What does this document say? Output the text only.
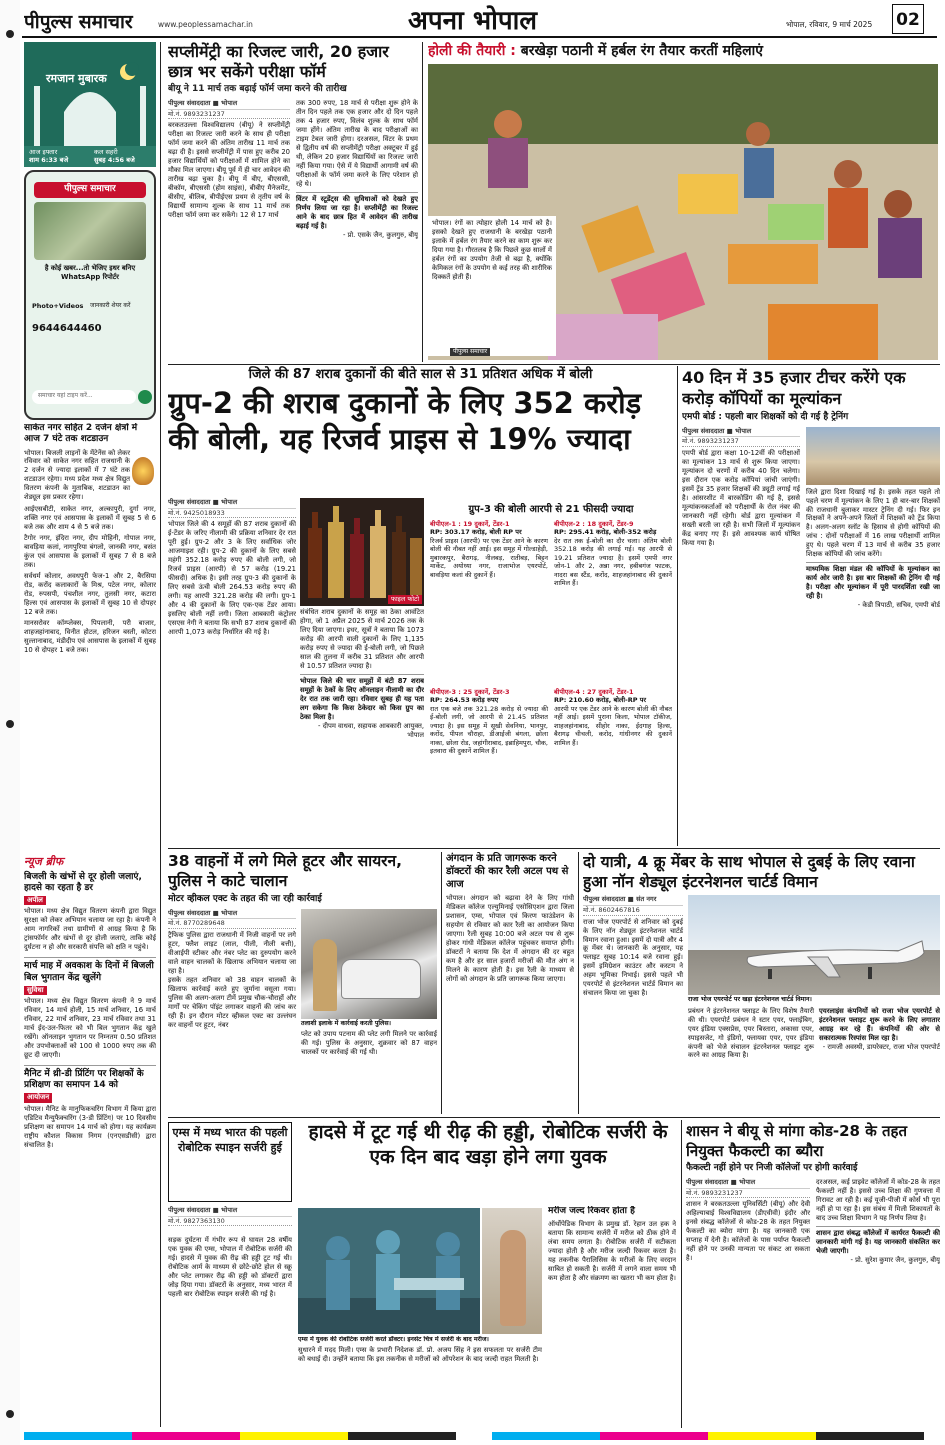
पीपुल्स समाचार	www.peoplessamachar.in	अपना भोपाल	भोपाल, रविवार, 9 मार्च 2025 02
रमजान मुबारक
आज इफ्तार
शाम 6:33 बजे
कल सहरी
सुबह 4:56 बजे
पीपुल्स समाचार
है कोई खबर...तो भेजिए इधर बनिए WhatsApp रिपोर्टर
Photo+Videos जानकारी शेयर करें
9644644460
समाचार यहां टाइप करें...
साकेत नगर सहित 2 दर्जन क्षेत्रों में आज 7 घंटे तक शटडाउन
भोपाल। बिजली लाइनों के मेंटेनेंस को लेकर रविवार को साकेत नगर सहित राजधानी के 2 दर्जन से ज्यादा इलाकों में 7 घंटे तक शटडाउन रहेगा। मध्य प्रदेश मध्य क्षेत्र विद्युत वितरण कंपनी के मुताबिक, शटडाउन का शेड्यूल इस प्रकार रहेगा।
आईएसबीटी, साकेत नगर, अल्कापुरी, दुर्गा नगर, शक्ति नगर एवं आसपास के इलाकों में सुबह 5 से 6 बजे तक और शाम 4 से 5 बजे तक।
टैगोर नगर, इंदिरा नगर, दीप मोहिनी, गोपाल नगर, बावड़िया कलां, नागपुरिया बंगलो, जानकी नगर, बसंत कुंज एवं आसपास के इलाकों में सुबह 7 से 8 बजे तक।
सर्वधर्म कोलार, अवधपुरी फेज-1 और 2, बैरसिया रोड, करोंद कलाकारों के मिश्र, पटेल नगर, कोलार रोड, रुपसपी, पंचशील नगर, तुलसी नगर, कटारा हिल्स एवं आसपास के इलाकों में सुबह 10 से दोपहर 12 बजे तक।
मानसरोवर कॉम्प्लेक्स, पिपलानी, परी बाजार, शाहजहांनाबाद, विनीत होटल, हरिजन बस्ती, कोटरा सुल्तानाबाद, मंडीदीप एवं आसपास के इलाकों में सुबह 10 से दोपहर 1 बजे तक।
न्यूज ब्रीफ
बिजली के खंभों से दूर होली जलाएं, हादसे का रहता है डर
अपील
भोपाल। मध्य क्षेत्र विद्युत वितरण कंपनी द्वारा विद्युत सुरक्षा को लेकर अभियान चलाया जा रहा है। कंपनी ने आम नागरिकों तथा ग्रामीणों से आग्रह किया है कि ट्रांसफॉर्मर और खंभों से दूर होली जलाएं, ताकि कोई दुर्घटना न हो और सरकारी संपत्ति को क्षति न पहुंचे।
मार्च माह में अवकाश के दिनों में बिजली बिल भुगतान केंद्र खुलेंगे
सुविधा
भोपाल। मध्य क्षेत्र विद्युत वितरण कंपनी ने 9 मार्च रविवार, 14 मार्च होली, 15 मार्च शनिवार, 16 मार्च रविवार, 22 मार्च शनिवार, 23 मार्च रविवार तथा 31 मार्च ईद-उल-फितर को भी बिल भुगतान केंद्र खुले रखेंगे। ऑनलाइन भुगतान पर निम्नतम 0.50 प्रतिशत और उपभोक्ताओं को 100 से 1000 रुपए तक की छूट दी जाएगी।
मैनिट में थ्री-डी प्रिंटिंग पर शिक्षकों के प्रशिक्षण का समापन 14 को
आयोजन
भोपाल। मैनिट के मानुफिकचरिंग विभाग में किया द्वारा एडिटिव मैन्युफैक्चरिंग (3-डी प्रिंटिंग) पर 10 दिवसीय प्रशिक्षण का समापन 14 मार्च को होगा। यह कार्यक्रम राष्ट्रीय कौशल विकास निगम (एनएसडीसी) द्वारा संचालित है।
सप्लीमेंट्री का रिजल्ट जारी, 20 हजार छात्र भर सकेंगे परीक्षा फॉर्म
बीयू ने 11 मार्च तक बढ़ाई फॉर्म जमा करने की तारीख
पीपुल्स संवाददाता ■ भोपाल
मो.नं. 9893231237
बरकतउल्ला विश्वविद्यालय (बीयू) ने सप्लीमेंट्री परीक्षा का रिजल्ट जारी करने के साथ ही परीक्षा फॉर्म जमा करने की अंतिम तारीख 11 मार्च तक बढ़ा दी है। इससे सप्लीमेंट्री में पास हुए करीब 20 हजार विद्यार्थियों को परीक्षाओं में शामिल होने का मौका मिल जाएगा। बीयू पूर्व में ही चार आवेदन की तारीख बढ़ा चुका है। बीयू में बीए, बीएससी, बीकॉम, बीएससी (होम साइंस), बीबीए मैनेजमेंट, बीसीए, बीलिब, बीपीईएस प्रथम से तृतीय वर्ष के विद्यार्थी सामान्य शुल्क के साथ 11 मार्च तक परीक्षा फॉर्म जमा कर सकेंगे। 12 से 17 मार्च
तक 300 रुपए, 18 मार्च से परीक्षा शुरू होने के तीन दिन पहले तक एक हजार और दो दिन पहले तक 4 हजार रुपए, विलंब शुल्क के साथ फॉर्म जमा होंगे। अंतिम तारीख के बाद परीक्षाओं का टाइम टेबल जारी होगा। दरअसल, विंटर के प्रथम से द्वितीय वर्ष की सप्लीमेंट्री परीक्षा अक्टूबर में हुई थी, लेकिन 20 हजार विद्यार्थियों का रिजल्ट जारी नहीं किया गया। ऐसे में ये विद्यार्थी आगामी वर्ष की परीक्षाओं के फॉर्म जमा करने के लिए परेशान हो रहे थे।
विंटर में स्टूडेंट्स की सुविधाओं को देखते हुए निर्णय लिया जा रहा है। सप्लीमेंट्री का रिजल्ट आने के बाद छात्र हित में आवेदन की तारीख बढ़ाई गई है।
- प्रो. एसके जैन, कुलगुरु, बीयू
होली की तैयारी : बरखेड़ा पठानी में हर्बल रंग तैयार करतीं महिलाएं
भोपाल। रंगों का त्योहार होली 14 मार्च को है। इसको देखते हुए राजधानी के बरखेड़ा पठानी इलाके में हर्बल रंग तैयार करने का काम शुरू कर दिया गया है। गौरतलब है कि पिछले कुछ सालों में हर्बल रंगों का उपयोग तेजी से बढ़ा है, क्योंकि केमिकल रंगों के उपयोग से कई तरह की शारीरिक दिक्कतें होती हैं।
पीपुल्स समाचार
जिले की 87 शराब दुकानों की बीते साल से 31 प्रतिशत अधिक में बोली
ग्रुप-2 की शराब दुकानों के लिए 352 करोड़ की बोली, यह रिजर्व प्राइस से 19% ज्यादा
पीपुल्स संवाददाता ■ भोपाल
मो.नं. 9425018933
भोपाल जिले की 4 समूहों की 87 शराब दुकानों की ई-टेंडर के जरिए नीलामी की प्रक्रिया शनिवार देर रात पूरी हुई। ग्रुप-2 और 3 के लिए सर्वाधिक जोर आजमाइश रही। ग्रुप-2 की दुकानों के लिए सबसे महंगी 352.18 करोड़ रुपए की बोली लगी, जो रिजर्व प्राइस (आरपी) से 57 करोड़ (19.21 फीसदी) अधिक है। इसी तरह ग्रुप-3 की दुकानों के लिए सबसे ऊंची बोली 264.53 करोड़ रुपए की लगी। यह आरपी 321.28 करोड़ की लगी। ग्रुप-1 और 4 की दुकानों के लिए एक-एक टेंडर आया। इसलिए बोली नहीं लगी। जिला आबकारी कंट्रोलर एसएस नेगी ने बताया कि सभी 87 शराब दुकानों की आरपी 1,073 करोड़ निर्धारित की गई है।
फाइल फोटो
संबंधित शराब दुकानों के समूह का ठेका आवंटित होगा, जो 1 अप्रैल 2025 से मार्च 2026 तक के लिए दिया जाएगा। इधर, सूत्रों ने बताया कि 1073 करोड़ की आरपी वाली दुकानों के लिए 1,135 करोड़ रुपए से ज्यादा की ई-बोली लगी, जो पिछले साल की तुलना में करीब 31 प्रतिशत और आरपी से 10.57 प्रतिशत ज्यादा है।
भोपाल जिले की चार समूहों में बंटी 87 शराब समूहों के ठेकों के लिए ऑनलाइन नीलामी का दौर देर रात तक जारी रहा। रविवार सुबह ही यह पता लग सकेगा कि किस ठेकेदार को किस ग्रुप का ठेका मिला है।
- दीपम वाधवा, सहायक आबकारी आयुक्त, भोपाल
ग्रुप-3 की बोली आरपी से 21 फीसदी ज्यादा
बीपीएल-1 : 19 दुकानें, टेंडर-1
RP: 303.17 करोड़, बोली RP पर
रिजर्व प्राइस (आरपी) पर एक टेंडर आने के कारण बोली की नौबत नहीं आई। इस समूह में गोल्डाहेड़ी, मुबारकपुर, बैरागढ़, नीलबड़, रातीबड़, बिट्टन मार्केट, अयोध्या नगर, राजाभोज एयरपोर्ट, बावड़िया कलां की दुकानें हैं।
बीपीएल-2 : 18 दुकानें, टेंडर-9
RP: 295.41 करोड़, बोली-352 करोड़
देर रात तक ई-बोली का दौर चला। अंतिम बोली 352.18 करोड़ की लगाई गई। यह आरपी से 19.21 प्रतिशत ज्यादा है। इसमें एमपी नगर जोन-1 और 2, अन्ना नगर, हबीबगंज फाटक, नादरा बस स्टैंड, करोंद, शाहजहांनाबाद की दुकानें शामिल हैं।
बीपीएल-3 : 25 दुकानें, टेंडर-3
RP: 264.53 करोड़ रुपए
रात एक बजे तक 321.28 करोड़ से ज्यादा की ई-बोली लगी, जो आरपी से 21.45 प्रतिशत ज्यादा है। इस समूह में सूखी सेवनिया, भानपुर, करोंद, पीपल चौराहा, डीआईजी बंगला, छोला नाका, छोला रोड, जहांगीराबाद, इब्राहिमपुरा, चौक, इतवारा की दुकानें शामिल हैं।
बीपीएल-4 : 27 दुकानें, टेंडर-1
RP: 210.60 करोड़, बोली-RP पर
आरपी पर एक टेंडर आने के कारण बोली की नौबत नहीं आई। इसमें पुराना किला, भोपाल टॉकीज, शाहजहांनाबाद, सीहोर नाका, ईदगाह हिल्स, बैरागढ़ चीचली, करोद, गांधीनगर की दुकानें शामिल हैं।
40 दिन में 35 हजार टीचर करेंगे एक करोड़ कॉपियों का मूल्यांकन
एमपी बोर्ड : पहली बार शिक्षकों को दी गई है ट्रेनिंग
पीपुल्स संवाददाता ■ भोपाल
मो.नं. 9893231237
एमपी बोर्ड द्वारा कक्षा 10-12वीं की परीक्षाओं का मूल्यांकन 13 मार्च से शुरू किया जाएगा। मूल्यांकन दो चरणों में करीब 40 दिन चलेगा। इस दौरान एक करोड़ कॉपियां जांची जाएंगी। इसमें ट्रेंड 35 हजार शिक्षकों की ड्यूटी लगाई गई है। आंसरशीट में बारकोडिंग की गई है, इससे मूल्यांकनकर्ताओं को परीक्षार्थी के रोल नंबर की जानकारी नहीं रहेगी। बोर्ड द्वारा मूल्यांकन में सख्ती बरती जा रही है। सभी जिलों में मूल्यांकन केंद्र बनाए गए हैं। इसे आवश्यक कार्य घोषित किया गया है।
जिले द्वारा दिशा दिखाई गई है। इसके तहत पहले तो पहले चरण में मूल्यांकन के लिए 1 ही बार-बार शिक्षकों की राजधानी बुलाकर मास्टर ट्रेनिंग दी गई। फिर इन शिक्षकों ने अपने-अपने जिलों में शिक्षकों को ट्रेंड किया है। अलग-अलग स्लॉट के हिसाब से होगी कॉपियों की जांच : दोनों परीक्षाओं में 16 लाख परीक्षार्थी शामिल हुए थे। पहले चरण में 13 मार्च से करीब 35 हजार शिक्षक कॉपियों की जांच करेंगे।
माध्यमिक शिक्षा मंडल की कॉपियों के मूल्यांकन का कार्य ओर जारी है। इस बार शिक्षकों की ट्रेनिंग दी गई है। परीक्षा और मूल्यांकन में पूरी पारदर्शिता रखी जा रही है।
- केडी त्रिपाठी, सचिव, एमपी बोर्ड
38 वाहनों में लगे मिले हूटर और सायरन, पुलिस ने काटे चालान
मोटर व्हीकल एक्ट के तहत की जा रही कार्रवाई
पीपुल्स संवाददाता ■ भोपाल
मो.नं. 8770289648
ट्रैफिक पुलिस द्वारा राजधानी में निजी वाहनों पर लगे हूटर, फ्लैश लाइट (लाल, पीली, नीली बत्ती), वीआईपी स्टीकर और नंबर प्लेट का दुरुपयोग करने वाले वाहन चालकों के खिलाफ अभियान चलाया जा रहा है।
इसके तहत शनिवार को 38 वाहन चालकों के खिलाफ कार्रवाई करते हुए जुर्माना वसूला गया। पुलिस की अलग-अलग टीमें प्रमुख चौक-चौराहों और मार्गों पर चेकिंग पॉइंट लगाकर वाहनों की जांच कर रही हैं। इन दौरान मोटर व्हीकल एक्ट का उल्लंघन कर वाहनों पर हूटर, नंबर	तलाशी इलाके में कार्रवाई करती पुलिस।
प्लेट को उपाय पटनाम की प्लेट लगी मिलने पर कार्रवाई की गई। पुलिस के अनुसार, शुक्रवार को 87 वाहन चालकों पर कार्रवाई की गई थी।
अंगदान के प्रति जागरूक करने डॉक्टरों की कार रैली अटल पथ से आज
भोपाल। अंगदान को बढ़ावा देने के लिए गांधी मेडिकल कॉलेज एल्युमिनाई एसोसिएशन द्वारा जिला प्रशासन, एम्स, भोपाल एवं किरण फाउंडेशन के सहयोग से रविवार को कार रैली का आयोजन किया जाएगा। रैली सुबह 10:00 बजे अटल पथ से शुरू होकर गांधी मेडिकल कॉलेज पहुंचकर समाप्त होगी। डॉक्टरों ने बताया कि देश में अंगदान की दर बहुत कम है और हर साल हजारों मरीजों की मौत अंग न मिलने के कारण होती है। इस रैली के माध्यम से लोगों को अंगदान के प्रति जागरूक किया जाएगा।
दो यात्री, 4 क्रू मेंबर के साथ भोपाल से दुबई के लिए रवाना हुआ नॉन शेड्यूल इंटरनेशनल चार्टर्ड विमान
पीपुल्स संवाददाता ■ संत नगर
मो.नं. 8602467816
राजा भोज एयरपोर्ट से शनिवार को दुबई के लिए नॉन शेड्यूल इंटरनेशनल चार्टर्ड विमान रवाना हुआ। इसमें दो यात्री और 4 क्रू मेंबर थे। जानकारी के अनुसार, यह फ्लाइट सुबह 10:14 बजे रवाना हुई। इसमें इमिग्रेशन काउंटर और कस्टम ने अहम भूमिका निभाई। इससे पहले भी एयरपोर्ट से इंटरनेशनल चार्टर्ड विमान का संचालन किया जा चुका है।
राजा भोज एयरपोर्ट पर खड़ा इंटरनेशनल चार्टर्ड विमान।
प्रबंधन ने इंटरनेशनल फ्लाइट के लिए विशेष तैयारी की थी। एयरपोर्ट प्रबंधन ने स्टार एयर, फ्लाईबिग, एयर इंडिया एक्सप्रेस, एयर बिस्तारा, अकासा एयर, स्पाइसजेट, गो इंडिगो, फ्लायवा एयर, एयर इंडिया कंपनी को भेजे संचालन इंटरनेशनल फ्लाइट शुरू करने का आग्रह किया है।
एयरलाइंस कंपनियों को राजा भोज एयरपोर्ट से इंटरनेशनल फ्लाइट शुरू करने के लिए लगातार आग्रह कर रहे हैं। कंपनियों की ओर से सकारात्मक रिस्पांस मिल रहा है।
- रामजी अवस्थी, डायरेक्टर, राजा भोज एयरपोर्ट
एम्स में मध्य भारत की पहली रोबोटिक स्पाइन सर्जरी हुई
हादसे में टूट गई थी रीढ़ की हड्डी, रोबोटिक सर्जरी के एक दिन बाद खड़ा होने लगा युवक
पीपुल्स संवाददाता ■ भोपाल
मो.नं. 9827363130
एम्स में युवक की रोबोटिक सर्जरी करते डॉक्टर। इनसेट चित्र में सर्जरी के बाद मरीज।
सड़क दुर्घटना में गंभीर रूप से घायल 28 वर्षीय एक युवक की एम्स, भोपाल में रोबोटिक सर्जरी की गई। हादसे में युवक की रीढ़ की हड्डी टूट गई थी। रोबोटिक आर्म के माध्यम से छोटे-छोटे होल से स्क्रू और प्लेट लगाकर रीढ़ की हड्डी को डॉक्टरों द्वारा जोड़ दिया गया। डॉक्टरों के अनुसार, मध्य भारत में पहली बार रोबोटिक स्पाइन सर्जरी की गई है।
सुधारने में मदद मिली। एम्स के प्रभारी निदेशक डॉ. प्रो. अजय सिंह ने इस सफलता पर सर्जरी टीम को बधाई दी। उन्होंने बताया कि इस तकनीक से मरीजों को ऑपरेशन के बाद जल्दी राहत मिलती है।
मरीज जल्द रिकवर होता है
ऑर्थोपेडिक विभाग के प्रमुख डॉ. रेहान उल हक ने बताया कि सामान्य सर्जरी में मरीज को ठीक होने में लंबा समय लगता है। रोबोटिक सर्जरी में सटीकता ज्यादा होती है और मरीज जल्दी रिकवर करता है। यह तकनीक पैरालिसिस के मरीजों के लिए वरदान साबित हो सकती है। सर्जरी में लगने वाला समय भी कम होता है और संक्रमण का खतरा भी कम होता है।
शासन ने बीयू से मांगा कोड-28 के तहत नियुक्त फैकल्टी का ब्यौरा
फैकल्टी नहीं होने पर निजी कॉलेजों पर होगी कार्रवाई
पीपुल्स संवाददाता ■ भोपाल
मो.नं. 9893231237
शासन ने बरकतउल्ला यूनिवर्सिटी (बीयू) और देवी अहिल्याबाई विश्वविद्यालय (डीएवीवी) इंदौर और इनसे संबद्ध कॉलेजों से कोड-28 के तहत नियुक्त फैकल्टी का ब्योरा मांगा है। यह जानकारी एक सप्ताह में देनी है। कॉलेजों के पास पर्याप्त फैकल्टी नहीं होने पर उनकी मान्यता पर संकट आ सकता है।
दरअसल, कई प्राइवेट कॉलेजों में कोड-28 के तहत फैकल्टी नहीं है। इससे उच्च शिक्षा की गुणवत्ता में गिरावट आ रही है। कई यूजी-पीजी में कोर्स भी पूरा नहीं हो पा रहा है। इस संबंध में मिली शिकायतों के बाद उच्च शिक्षा विभाग ने यह निर्णय लिया है।
शासन द्वारा संबद्ध कॉलेजों में कार्यरत फैकल्टी की जानकारी मांगी गई है। यह जानकारी संकलित कर भेजी जाएगी।
- प्रो. सुरेश कुमार जैन, कुलगुरु, बीयू
